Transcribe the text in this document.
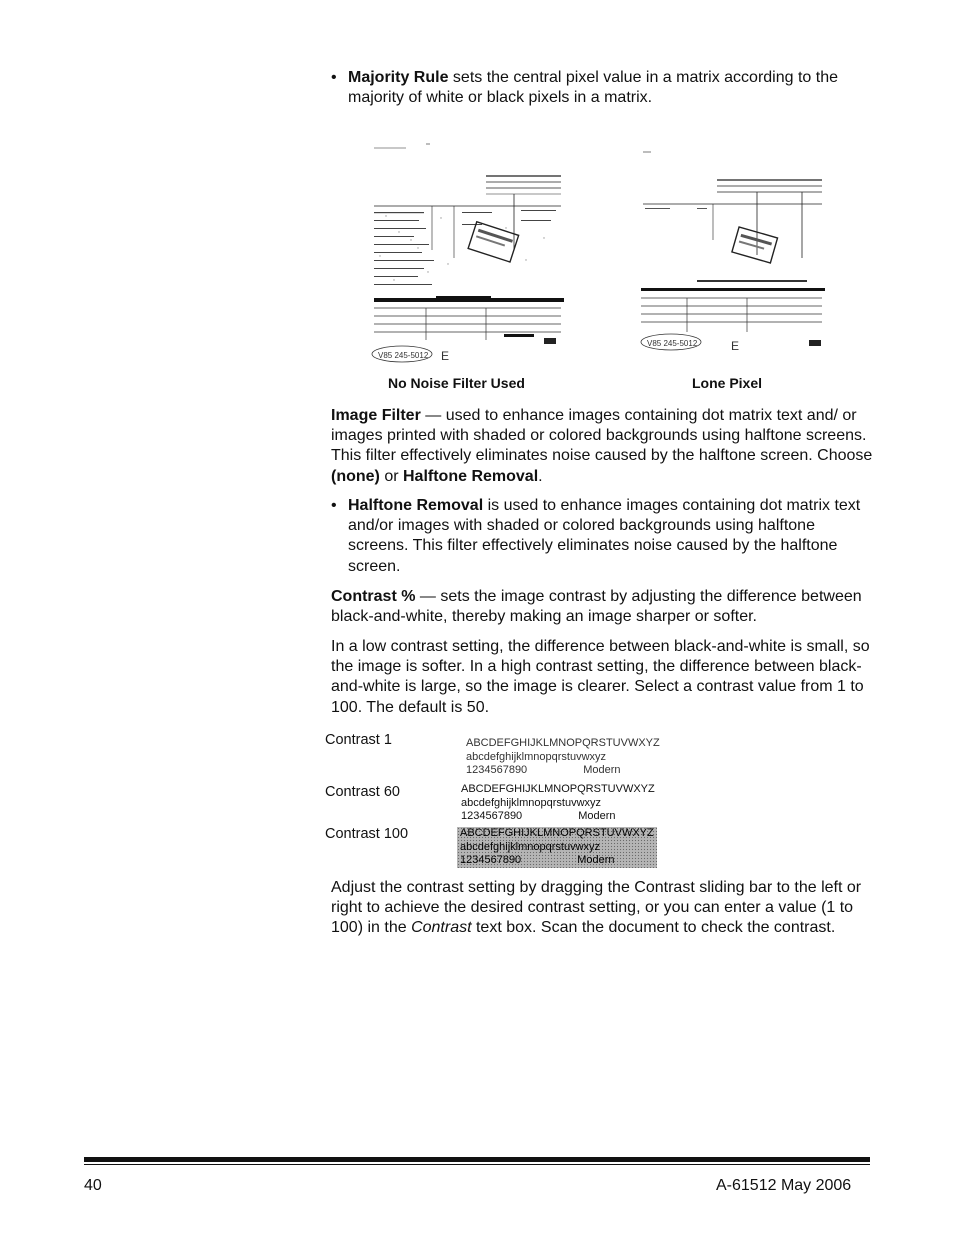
• Majority Rule sets the central pixel value in a matrix according to the majority of white or black pixels in a matrix.
V85 245-5012 E
V85 245-5012	E
No Noise Filter Used	Lone Pixel

Image Filter — used to enhance images containing dot matrix text and/ or images printed with shaded or colored backgrounds using halftone screens. This filter effectively eliminates noise caused by the halftone screen. Choose (none) or Halftone Removal.

• Halftone Removal is used to enhance images containing dot matrix text and/or images with shaded or colored backgrounds using halftone screens. This filter effectively eliminates noise caused by the halftone screen.

Contrast % — sets the image contrast by adjusting the difference between black-and-white, thereby making an image sharper or softer.

In a low contrast setting, the difference between black-and-white is small, so the image is softer. In a high contrast setting, the difference between black-and-white is large, so the image is clearer. Select a contrast value from 1 to 100. The default is 50.

Contrast 1	ABCDEFGHIJKLMNOPQRSTUVWXYZ
abcdefghijklmnopqrstuvwxyz
1234567890	Modern
Contrast 60	ABCDEFGHIJKLMNOPQRSTUVWXYZ
abcdefghijklmnopqrstuvwxyz
1234567890	Modern
Contrast 100	ABCDEFGHIJKLMNOPQRSTUVWXYZ
abcdefghijklmnopqrstuvwxyz
1234567890	Modern

Adjust the contrast setting by dragging the Contrast sliding bar to the left or right to achieve the desired contrast setting, or you can enter a value (1 to 100) in the Contrast text box. Scan the document to check the contrast.

40	A-61512 May 2006
